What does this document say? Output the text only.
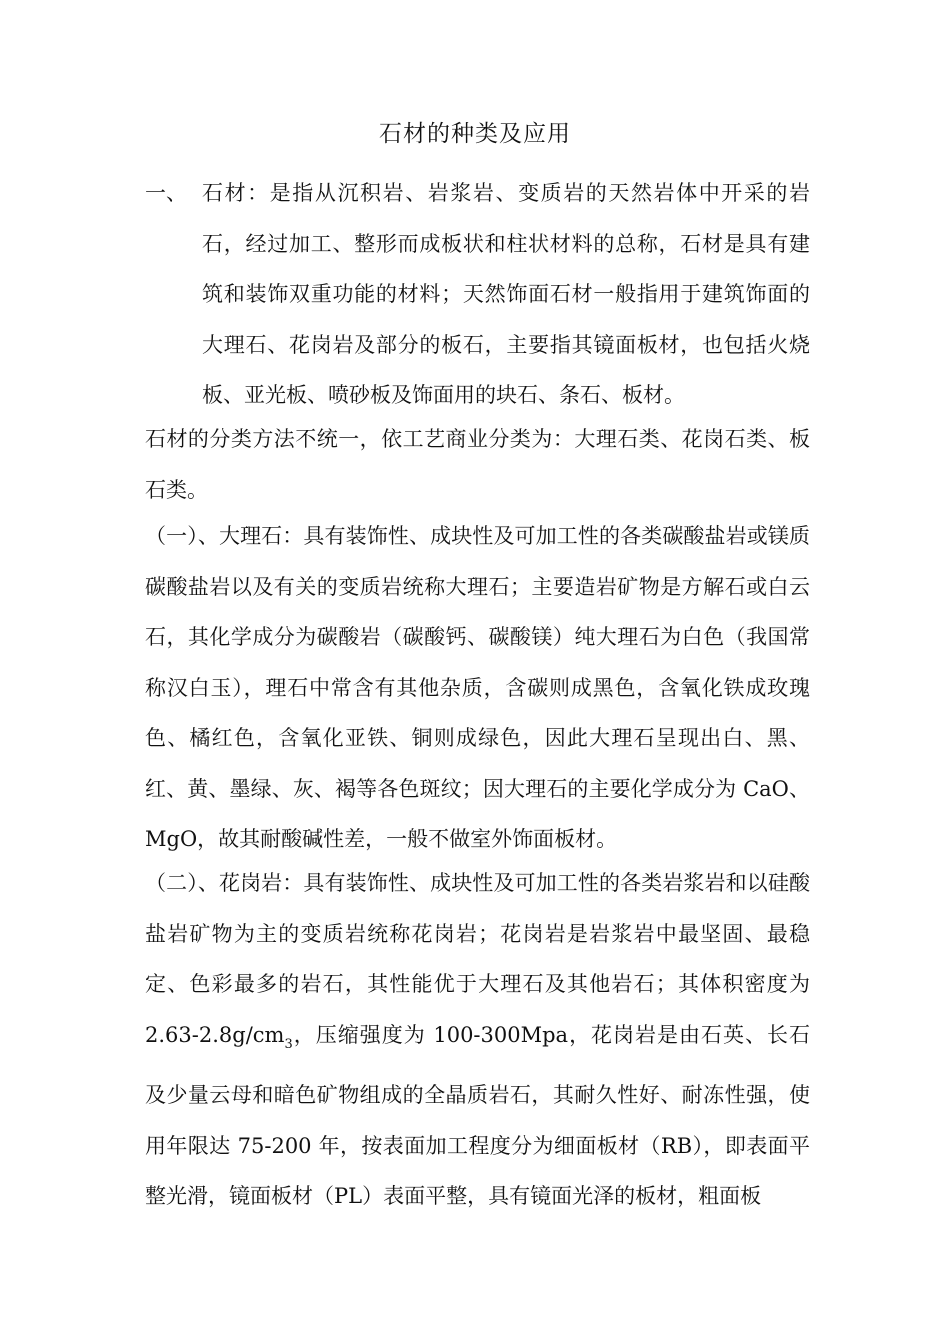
石材的种类及应用
一、 石材：是指从沉积岩、岩浆岩、变质岩的天然岩体中开采的岩石，经过加工、整形而成板状和柱状材料的总称，石材是具有建筑和装饰双重功能的材料；天然饰面石材一般指用于建筑饰面的大理石、花岗岩及部分的板石，主要指其镜面板材，也包括火烧板、亚光板、喷砂板及饰面用的块石、条石、板材。
石材的分类方法不统一，依工艺商业分类为：大理石类、花岗石类、板石类。
（一）、大理石：具有装饰性、成块性及可加工性的各类碳酸盐岩或镁质碳酸盐岩以及有关的变质岩统称大理石；主要造岩矿物是方解石或白云石，其化学成分为碳酸岩（碳酸钙、碳酸镁）纯大理石为白色（我国常称汉白玉），理石中常含有其他杂质，含碳则成黑色，含氧化铁成玫瑰色、橘红色，含氧化亚铁、铜则成绿色，因此大理石呈现出白、黑、红、黄、墨绿、灰、褐等各色斑纹；因大理石的主要化学成分为 CaO、MgO，故其耐酸碱性差，一般不做室外饰面板材。
（二）、花岗岩：具有装饰性、成块性及可加工性的各类岩浆岩和以硅酸盐岩矿物为主的变质岩统称花岗岩；花岗岩是岩浆岩中最坚固、最稳定、色彩最多的岩石，其性能优于大理石及其他岩石；其体积密度为 $2.63-2.8g/cm_3$，压缩强度为 100-300Mpa，花岗岩是由石英、长石及少量云母和暗色矿物组成的全晶质岩石，其耐久性好、耐冻性强，使用年限达 75-200 年，按表面加工程度分为细面板材（RB），即表面平整光滑，镜面板材（PL）表面平整，具有镜面光泽的板材，粗面板
